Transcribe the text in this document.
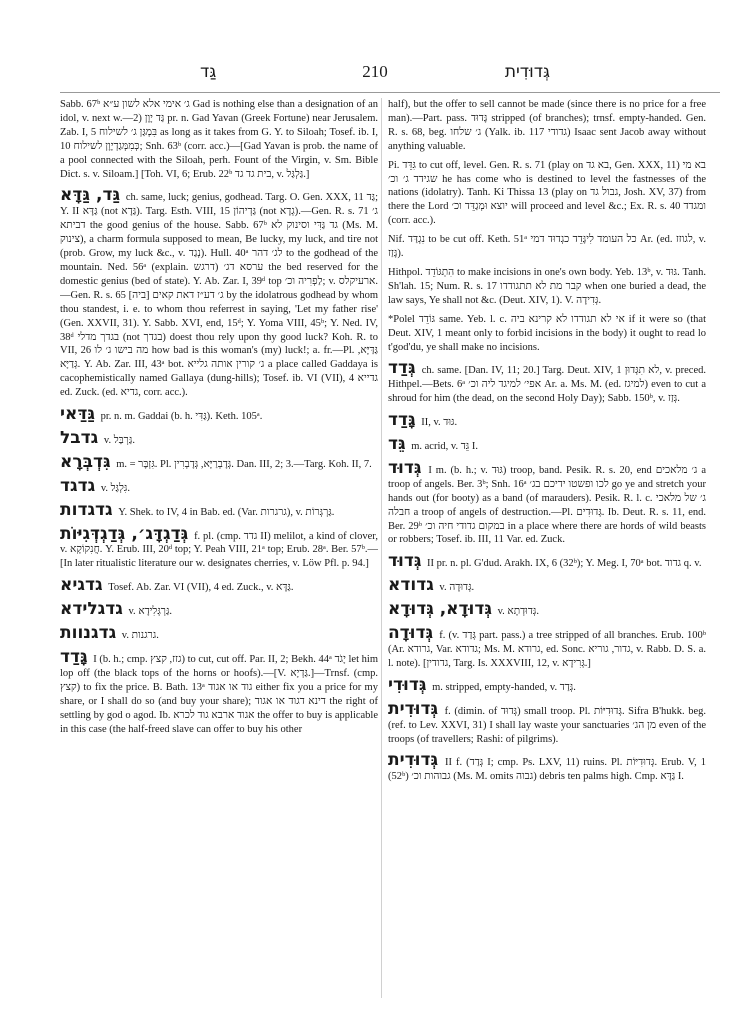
גַּד	210	גְּדוּדִית

Sabb. 67ᵇ ג׳ אימי אלא לשון ע״א Gad is nothing else than a designation of an idol, v. next w.—2) גַּד יָוָן pr. n. Gad Yavan (Greek Fortune) near Jerusalem. Zab. I, 5 בִּמְגַּן ג׳ לשילוח as long as it takes from G. Y. to Siloah; Tosef. ib. I, 10 כְּמִמְּגַדְיָוָן לשילוח; Snh. 63ᵇ (corr. acc.)—[Gad Yavan is prob. the name of a pool connected with the Siloah, perh. Fount of the Virgin, v. Sm. Bible Dict. s. v. Siloam.] [Toh. VI, 6; Erub. 22ᵇ בית גד גד, v. גַּלְגַּל.]

גַּד, גַּדָּא ch. same, luck; genius, godhead. Targ. O. Gen. XXX, 11 גַּד; Y. II גַּדָּא (not גַּדָא). Targ. Esth. VIII, 15 גַּדְיהוֹן (not גְדָא).—Gen. R. s. 71 ג׳ דביתא the good genius of the house. Sabb. 67ᵇ גד גַּדִּי וסינוק לא (Ms. M. צינוק), a charm formula supposed to mean, Be lucky, my luck, and tire not (prob. Grow, my luck &c., v. נְגַד). Hull. 40ᵃ לג׳ דהר to the godhead of the mountain. Ned. 56ᵃ (explain. ערסא דג׳ (דרגש the bed reserved for the domestic genius (bed of state). Y. Ab. Zar. I, 39ᵈ top לַפְרִיה וכ׳; v. ארעיקלס.—Gen. R. s. 65 [ביה] ג׳ דע״ז דאת קאים by the idolatrous godhead by whom thou standest, i. e. to whom thou referrest in saying, 'Let my father rise' (Gen. XXVII, 31). Y. Sabb. XVI, end, 15ᵈ; Y. Yoma VIII, 45ᵇ; Y. Ned. IV, 38ᵈ בגדך מדלי (not בגדך) doest thou rely upon thy good luck? Koh. R. to VII, 26 מה בישו ג׳ לו how bad is this woman's (my) luck!; a. fr.—Pl. גַּדַּיָּא, גְּדַיָּא. Y. Ab. Zar. III, 43ᵃ bot. ג׳ קורין אותה גלייא a place called Gaddaya is cacophemistically named Gallaya (dung-hills); Tosef. ib. VI (VII), 4 גדייא ed. Zuck. (ed. גדיא, corr. acc.).

גַּדַּאי pr. n. m. Gaddai (b. h. גַּדִּי). Keth. 105ᵃ.

גדבל v. גַּרְבַּל.

גִּדְבְּרָא m. = גִּזְבָּר. Pl. גְּדָבְרַיָּא, גְּדָבְרִין. Dan. III, 2; 3.—Targ. Koh. II, 7.

גדגד v. גִּלְגַּל.

גדגדות Y. Shek. to IV, 4 in Bab. ed. (Var. גרגרות), v. גַּרְגְּרוֹת.

גְּדַגְדָּג׳, גְּדַגְדְּגִיּוֹת f. pl. (cmp. גדד II) melilot, a kind of clover, v. חֲנִקוֹקָא. Y. Erub. III, 20ᵈ top; Y. Peah VIII, 21ᵃ top; Erub. 28ᵃ. Ber. 57ᵇ.—[In later ritualistic literature our w. designates cherries, v. Löw Pfl. p. 94.]

גדגיא Tosef. Ab. Zar. VI (VII), 4 ed. Zuck., v. גַּדָּא.

גדגלידא v. גַּרְגְּלִידָא.

גדגנוות v. גרגנות.

גָּדַד I (b. h.; cmp. גזז, קצץ) to cut, cut off. Par. II, 2; Bekh. 44ᵃ יָגֹד let him lop off (the black tops of the horns or hoofs).—[V. גַּדְיָא.]—Trnsf. (cmp. קצץ) to fix the price. B. Bath. 13ᵃ גוד או אגוד either fix you a price for my share, or I shall do so (and buy your share); דינא דגוד או אגוד the right of settling by god o agod. Ib. אגוד ארבא גוד לכרא the offer to buy is applicable in this case (the half-freed slave can offer to buy his other

half), but the offer to sell cannot be made (since there is no price for a free man).—Part. pass. גָּדוּד stripped (of branches); trnsf. empty-handed. Gen. R. s. 68, beg. ג׳ שלחו (Yalk. ib. 117 גדודי) Isaac sent Jacob away without anything valuable.

Pi. גִּדֵּד to cut off, level. Gen. R. s. 71 (play on בא גד, Gen. XXX, 11) בא מי שגידד ג׳ וכ׳ he has come who is destined to level the fastnesses of the nations (idolatry). Tanh. Ki Thissa 13 (play on גבול גד, Josh. XV, 37) from there the Lord יוצא וּמְגַדֵּד וכ׳ will proceed and level &c.; Ex. R. s. 40 ומגדד (corr. acc.).

Nif. נִגְדַּד to be cut off. Keth. 51ᵃ כל העומד לִיגָּדֵד כגְדוּד דמי Ar. (ed. לגוזז, v. גָּזַז).

Hithpol. הִתְגּוֹדֵד to make incisions in one's own body. Yeb. 13ᵇ, v. גּוּד. Tanh. Sh'lah. 15; Num. R. s. 17 קבר מת לא תתגודדו when one buried a dead, the law says, Ye shall not &c. (Deut. XIV, 1). V. גְּדִידָה.

*Polel גּוֹדֵד same. Yeb. l. c. אי לא תגודדו לא קרינא ביה if it were so (that Deut. XIV, 1 meant only to forbid incisions in the body) it ought to read lo t'god'du, ye shall make no incisions.

גְּדַד ch. same. [Dan. IV, 11; 20.] Targ. Deut. XIV, 1 לא תִגְּדוּן, v. preced. Hithpel.—Bets. 6ᵃ אפי׳ למיגד ליה וכ׳ Ar. a. Ms. M. (ed. למיגז) even to cut a shroud for him (the dead, on the second Holy Day); Sabb. 150ᵇ, v. גְּזַז.

גָּדַד II, v. גּוּד.

גֵּד m. acrid, v. גֵּד I.

גְּדוּד I m. (b. h.; v. גּוּד) troop, band. Pesik. R. s. 20, end ג׳ מלאכים a troop of angels. Ber. 3ᵇ; Snh. 16ᵃ לכו ופשטו ידיכם בג׳ go ye and stretch your hands out (for booty) as a band (of marauders). Pesik. R. l. c. ג׳ של מלאכי חבלה a troop of angels of destruction.—Pl. גְּדוּדִים. Ib. Deut. R. s. 11, end. Ber. 29ᵇ במקום גדודי חיה וכ׳ in a place where there are hords of wild beasts or robbers; Tosef. ib. III, 11 Var. ed. Zuck.

גְּדוּד II pr. n. pl. G'dud. Arakh. IX, 6 (32ᵇ); Y. Meg. I, 70ᵃ bot. גדוד q. v.

גדודא v. גְּדוּדָה.

גְּדוּדָא, גְּדוּדָא v. גְּדוּדְתָא.

גְּדוּדָה f. (v. גְּדַד part. pass.) a tree stripped of all branches. Erub. 100ᵇ (Ar. גרודא, Var. גדודא; Ms. M. גרודא, ed. Sonc. גדור, גוריא, v. Rabb. D. S. a. l. note). [גדודין, Targ. Is. XXXVIII, 12, v. גְּרִידָא.]

גְּדוּדִי m. stripped, empty-handed, v. גְּדַד.

גְּדוּדִית f. (dimin. of גְּדוּד) small troop. Pl. גְּדוּדִיּוֹת. Sifra B'hukk. beg. (ref. to Lev. XXVI, 31) I shall lay waste your sanctuaries מן הג׳ even of the troops (of travellers; Rashi: of pilgrims).

גְּדוּדִית II f. (גְּדַד I; cmp. Ps. LXV, 11) ruins. Pl. גְּדוּדִיּוֹת. Erub. V, 1 (52ᵇ) גבוהות וכ׳ (Ms. M. omits גבוה) debris ten palms high. Cmp. גַּדָּא I.
